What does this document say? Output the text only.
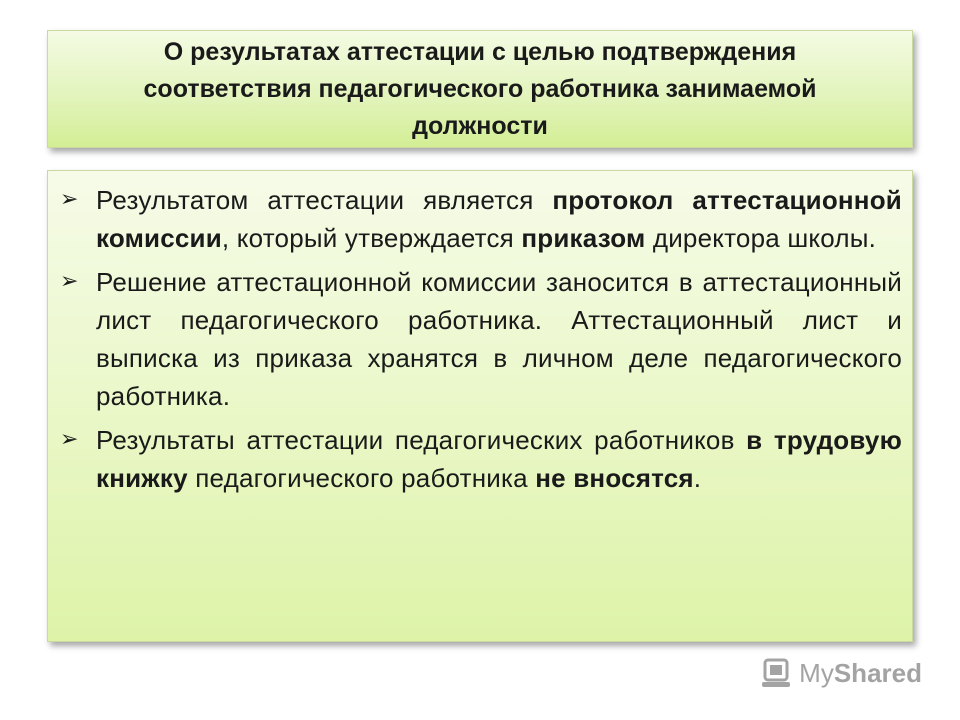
О результатах аттестации с целью подтверждения соответствия педагогического работника занимаемой должности
➢ Результатом аттестации является протокол аттестационной комиссии, который утверждается приказом директора школы.
➢ Решение аттестационной комиссии заносится в аттестационный лист педагогического работника. Аттестационный лист и выписка из приказа хранятся в личном деле педагогического работника.
➢ Результаты аттестации педагогических работников в трудовую книжку педагогического работника не вносятся.
My Shared
